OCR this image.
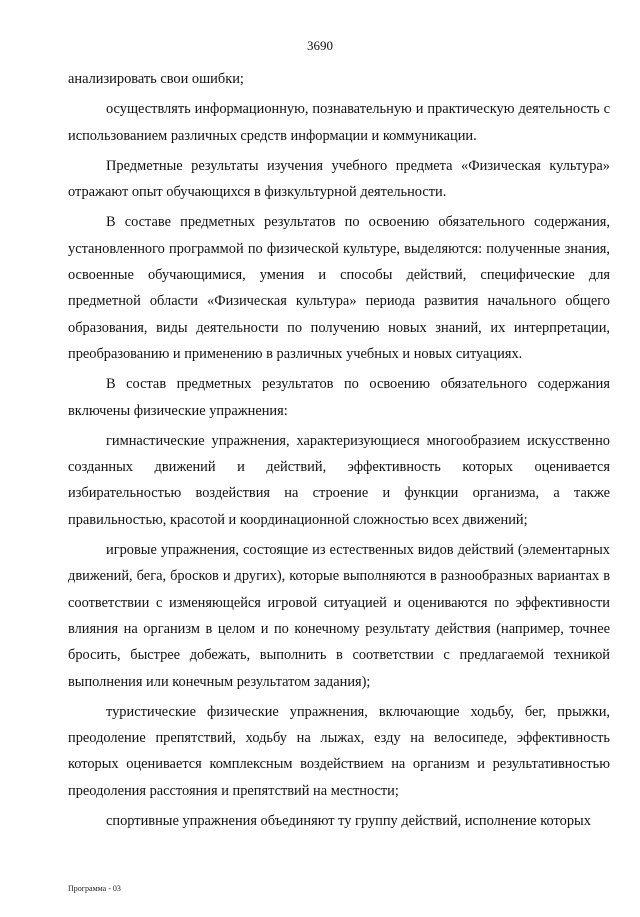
3690

анализировать свои ошибки;

осуществлять информационную, познавательную и практическую деятельность с использованием различных средств информации и коммуникации.

Предметные результаты изучения учебного предмета «Физическая культура» отражают опыт обучающихся в физкультурной деятельности.

В составе предметных результатов по освоению обязательного содержания, установленного программой по физической культуре, выделяются: полученные знания, освоенные обучающимися, умения и способы действий, специфические для предметной области «Физическая культура» периода развития начального общего образования, виды деятельности по получению новых знаний, их интерпретации, преобразованию и применению в различных учебных и новых ситуациях.

В состав предметных результатов по освоению обязательного содержания включены физические упражнения:

гимнастические упражнения, характеризующиеся многообразием искусственно созданных движений и действий, эффективность которых оценивается избирательностью воздействия на строение и функции организма, а также правильностью, красотой и координационной сложностью всех движений;

игровые упражнения, состоящие из естественных видов действий (элементарных движений, бега, бросков и других), которые выполняются в разнообразных вариантах в соответствии с изменяющейся игровой ситуацией и оцениваются по эффективности влияния на организм в целом и по конечному результату действия (например, точнее бросить, быстрее добежать, выполнить в соответствии с предлагаемой техникой выполнения или конечным результатом задания);

туристические физические упражнения, включающие ходьбу, бег, прыжки, преодоление препятствий, ходьбу на лыжах, езду на велосипеде, эффективность которых оценивается комплексным воздействием на организм и результативностью преодоления расстояния и препятствий на местности;

спортивные упражнения объединяют ту группу действий, исполнение которых

Программа - 03
